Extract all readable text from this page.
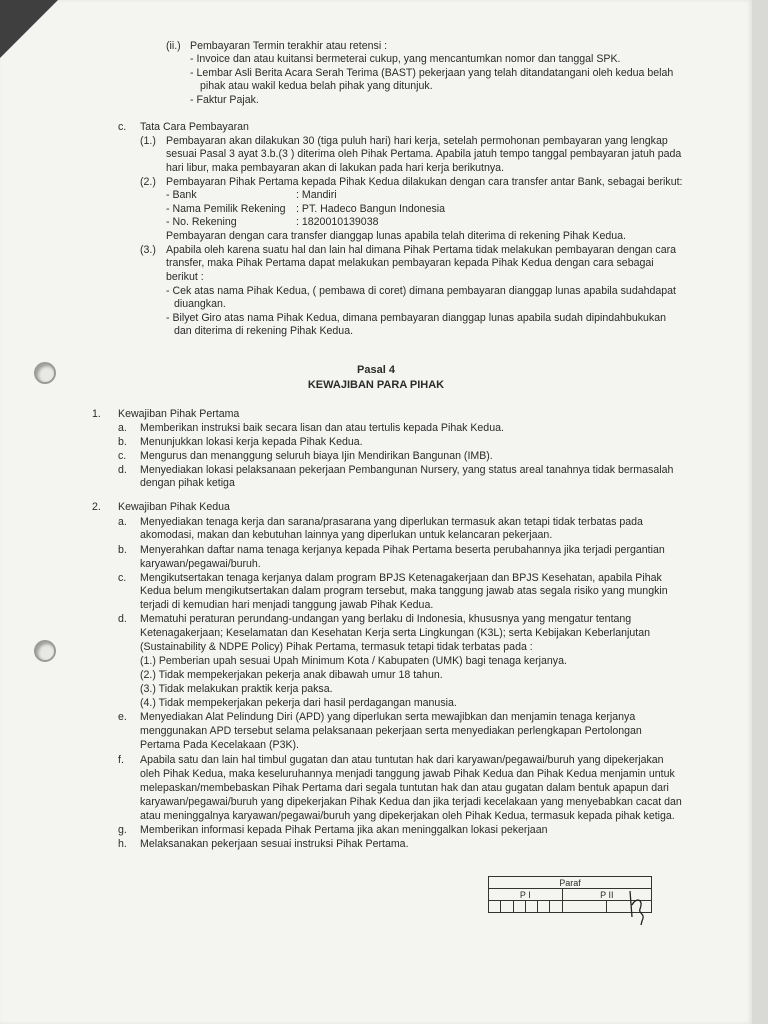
(ii.) Pembayaran Termin terakhir atau retensi :
- Invoice dan atau kuitansi bermeterai cukup, yang mencantumkan nomor dan tanggal SPK.
- Lembar Asli Berita Acara Serah Terima (BAST) pekerjaan yang telah ditandatangani oleh kedua belah
pihak atau wakil kedua belah pihak yang ditunjuk.
- Faktur Pajak.
c. Tata Cara Pembayaran
(1.) Pembayaran akan dilakukan 30 (tiga puluh hari) hari kerja, setelah permohonan pembayaran yang lengkap
sesuai Pasal 3 ayat 3.b.(3 ) diterima oleh Pihak Pertama. Apabila jatuh tempo tanggal pembayaran jatuh pada
hari libur, maka pembayaran akan di lakukan pada hari kerja berikutnya.
(2.) Pembayaran Pihak Pertama kepada Pihak Kedua dilakukan dengan cara transfer antar Bank, sebagai berikut:
- Bank	: Mandiri
- Nama Pemilik Rekening : PT. Hadeco Bangun Indonesia
- No. Rekening	: 1820010139038
Pembayaran dengan cara transfer dianggap lunas apabila telah diterima di rekening Pihak Kedua.
(3.) Apabila oleh karena suatu hal dan lain hal dimana Pihak Pertama tidak melakukan pembayaran dengan cara
transfer, maka Pihak Pertama dapat melakukan pembayaran kepada Pihak Kedua dengan cara sebagai
berikut :
- Cek atas nama Pihak Kedua, ( pembawa di coret) dimana pembayaran dianggap lunas apabila sudahdapat
diuangkan.
- Bilyet Giro atas nama Pihak Kedua, dimana pembayaran dianggap lunas apabila sudah dipindahbukukan
dan diterima di rekening Pihak Kedua.
Pasal 4
KEWAJIBAN PARA PIHAK
1. Kewajiban Pihak Pertama
a. Memberikan instruksi baik secara lisan dan atau tertulis kepada Pihak Kedua.
b. Menunjukkan lokasi kerja kepada Pihak Kedua.
c. Mengurus dan menanggung seluruh biaya Ijin Mendirikan Bangunan (IMB).
d. Menyediakan lokasi pelaksanaan pekerjaan Pembangunan Nursery, yang status areal tanahnya tidak bermasalah
dengan pihak ketiga
2. Kewajiban Pihak Kedua
a. Menyediakan tenaga kerja dan sarana/prasarana yang diperlukan termasuk akan tetapi tidak terbatas pada
akomodasi, makan dan kebutuhan lainnya yang diperlukan untuk kelancaran pekerjaan.
b. Menyerahkan daftar nama tenaga kerjanya kepada Pihak Pertama beserta perubahannya jika terjadi pergantian
karyawan/pegawai/buruh.
c. Mengikutsertakan tenaga kerjanya dalam program BPJS Ketenagakerjaan dan BPJS Kesehatan, apabila Pihak
Kedua belum mengikutsertakan dalam program tersebut, maka tanggung jawab atas segala risiko yang mungkin
terjadi di kemudian hari menjadi tanggung jawab Pihak Kedua.
d. Mematuhi peraturan perundang-undangan yang berlaku di Indonesia, khususnya yang mengatur tentang
Ketenagakerjaan; Keselamatan dan Kesehatan Kerja serta Lingkungan (K3L); serta Kebijakan Keberlanjutan
(Sustainability & NDPE Policy) Pihak Pertama, termasuk tetapi tidak terbatas pada :
(1.) Pemberian upah sesuai Upah Minimum Kota / Kabupaten (UMK) bagi tenaga kerjanya.
(2.) Tidak mempekerjakan pekerja anak dibawah umur 18 tahun.
(3.) Tidak melakukan praktik kerja paksa.
(4.) Tidak mempekerjakan pekerja dari hasil perdagangan manusia.
e. Menyediakan Alat Pelindung Diri (APD) yang diperlukan serta mewajibkan dan menjamin tenaga kerjanya
menggunakan APD tersebut selama pelaksanaan pekerjaan serta menyediakan perlengkapan Pertolongan
Pertama Pada Kecelakaan (P3K).
f. Apabila satu dan lain hal timbul gugatan dan atau tuntutan hak dari karyawan/pegawai/buruh yang dipekerjakan
oleh Pihak Kedua, maka keseluruhannya menjadi tanggung jawab Pihak Kedua dan Pihak Kedua menjamin untuk
melepaskan/membebaskan Pihak Pertama dari segala tuntutan hak dan atau gugatan dalam bentuk apapun dari
karyawan/pegawai/buruh yang dipekerjakan Pihak Kedua dan jika terjadi kecelakaan yang menyebabkan cacat dan
atau meninggalnya karyawan/pegawai/buruh yang dipekerjakan oleh Pihak Kedua, termasuk kepada pihak ketiga.
g. Memberikan informasi kepada Pihak Pertama jika akan meninggalkan lokasi pekerjaan
h. Melaksanakan pekerjaan sesuai instruksi Pihak Pertama.
Paraf							
P I						P II	
